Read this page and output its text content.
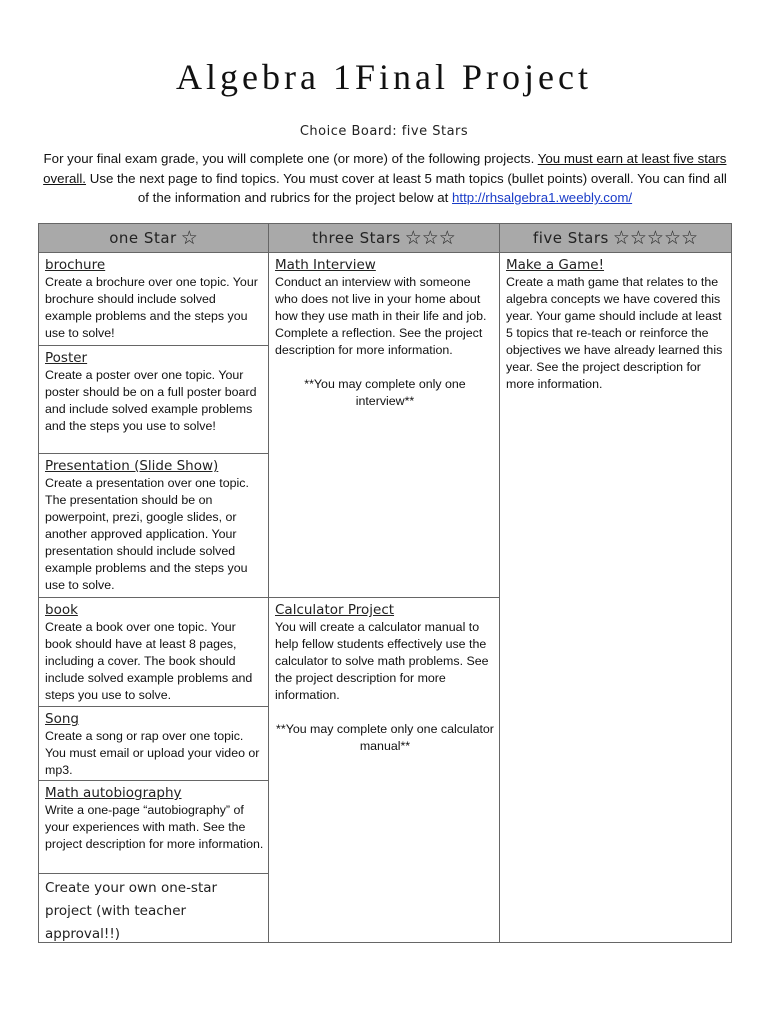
Algebra 1Final Project
Choice Board: five Stars
For your final exam grade, you will complete one (or more) of the following projects. You must earn at least five stars overall. Use the next page to find topics. You must cover at least 5 math topics (bullet points) overall. You can find all of the information and rubrics for the project below at http://rhsalgebra1.weebly.com/
one Star ☆	three Stars ☆☆☆	five Stars ☆☆☆☆☆
brochure
Create a brochure over one topic. Your brochure should include solved example problems and the steps you use to solve!
Poster
Create a poster over one topic. Your poster should be on a full poster board and include solved example problems and the steps you use to solve!
Presentation (Slide Show)
Create a presentation over one topic. The presentation should be on powerpoint, prezi, google slides, or another approved application. Your presentation should include solved example problems and the steps you use to solve.
book
Create a book over one topic. Your book should have at least 8 pages, including a cover. The book should include solved example problems and steps you use to solve.
Song
Create a song or rap over one topic. You must email or upload your video or mp3.
Math autobiography
Write a one-page “autobiography” of your experiences with math. See the project description for more information.
Create your own one-star project (with teacher approval!!)
Math Interview
Conduct an interview with someone who does not live in your home about how they use math in their life and job. Complete a reflection. See the project description for more information.
**You may complete only one interview**
Calculator Project
You will create a calculator manual to help fellow students effectively use the calculator to solve math problems. See the project description for more information.
**You may complete only one calculator manual**
Make a Game!
Create a math game that relates to the algebra concepts we have covered this year. Your game should include at least 5 topics that re-teach or reinforce the objectives we have already learned this year. See the project description for more information.
